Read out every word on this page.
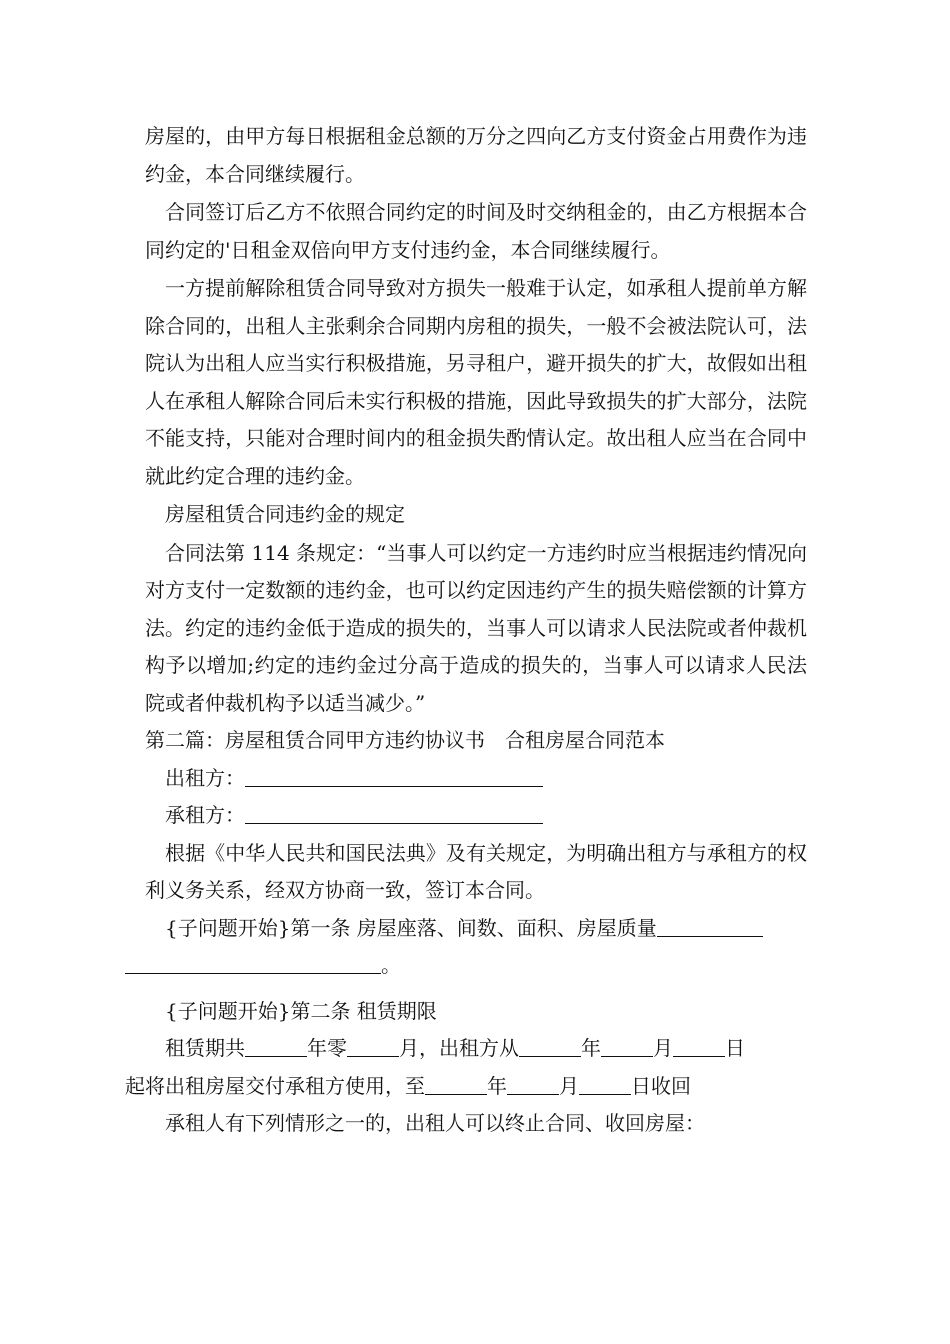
房屋的，由甲方每日根据租金总额的万分之四向乙方支付资金占用费作为违约金，本合同继续履行。

合同签订后乙方不依照合同约定的时间及时交纳租金的，由乙方根据本合同约定的'日租金双倍向甲方支付违约金，本合同继续履行。

一方提前解除租赁合同导致对方损失一般难于认定，如承租人提前单方解除合同的，出租人主张剩余合同期内房租的损失，一般不会被法院认可，法院认为出租人应当实行积极措施，另寻租户，避开损失的扩大，故假如出租人在承租人解除合同后未实行积极的措施，因此导致损失的扩大部分，法院不能支持，只能对合理时间内的租金损失酌情认定。故出租人应当在合同中就此约定合理的违约金。

房屋租赁合同违约金的规定

合同法第 114 条规定：“当事人可以约定一方违约时应当根据违约情况向对方支付一定数额的违约金，也可以约定因违约产生的损失赔偿额的计算方法。约定的违约金低于造成的损失的，当事人可以请求人民法院或者仲裁机构予以增加;约定的违约金过分高于造成的损失的，当事人可以请求人民法院或者仲裁机构予以适当减少。”

第二篇：房屋租赁合同甲方违约协议书　合租房屋合同范本

出租方：

承租方：

根据《中华人民共和国民法典》及有关规定，为明确出租方与承租方的权利义务关系，经双方协商一致，签订本合同。

{子问题开始}第一条 房屋座落、间数、面积、房屋质量
。

{子问题开始}第二条 租赁期限

租赁期共	年零	月，出租方从	年	月	日
起将出租房屋交付承租方使用，至	年	月	日收回

承租人有下列情形之一的，出租人可以终止合同、收回房屋：
